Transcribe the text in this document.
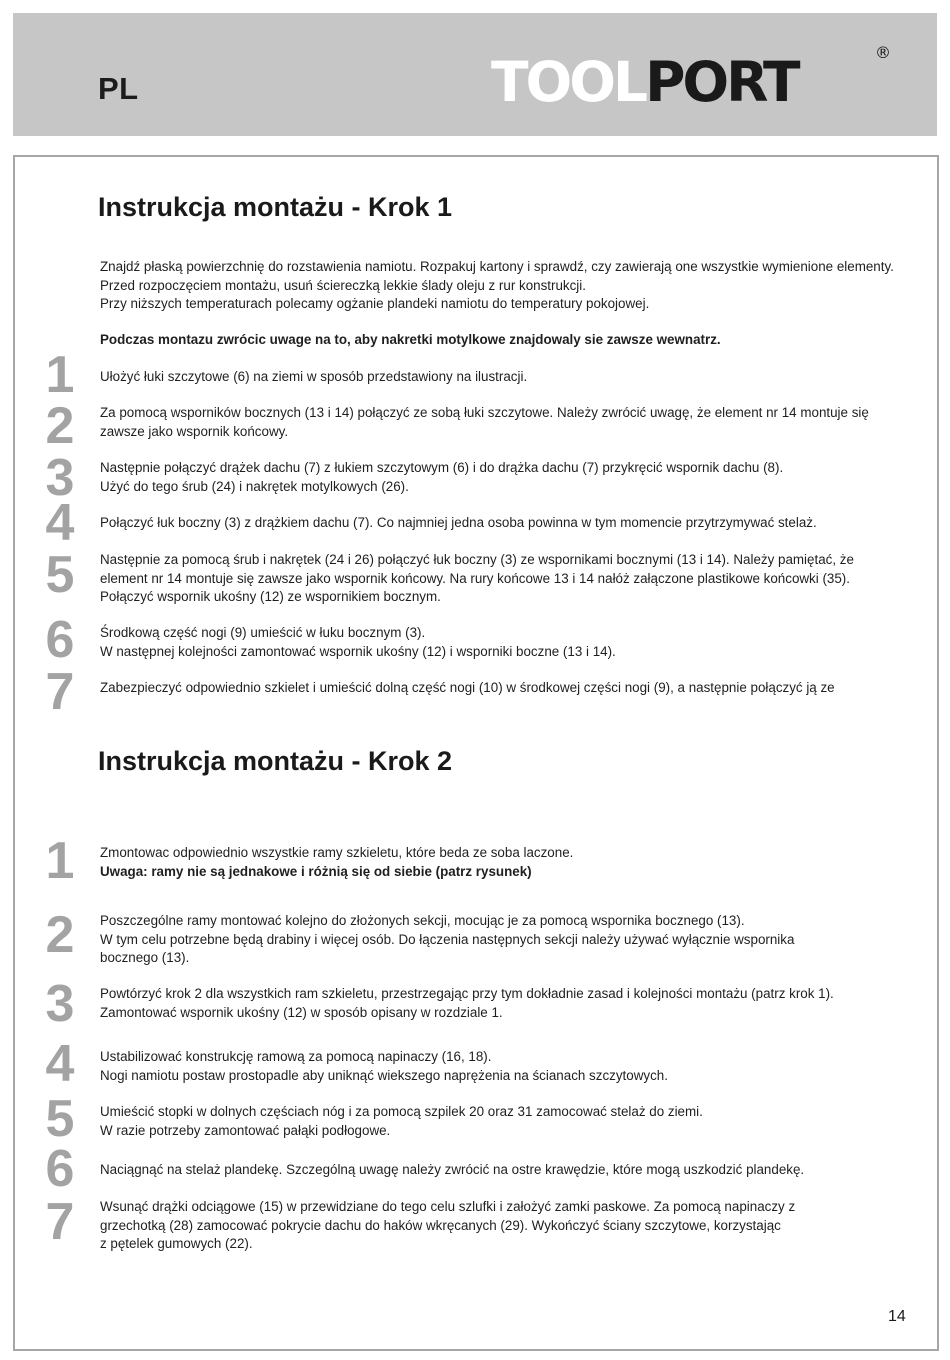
PL	TOOLPORT	®
Instrukcja montażu - Krok 1
Znajdź płaską powierzchnię do rozstawienia namiotu. Rozpakuj kartony i sprawdź, czy zawierają one wszystkie wymienione elementy.
Przed rozpoczęciem montażu, usuń ściereczką lekkie ślady oleju z rur konstrukcji.
Przy niższych temperaturach polecamy ogżanie plandeki namiotu do temperatury pokojowej.
Podczas montazu zwrócic uwage na to, aby nakretki motylkowe znajdowaly sie zawsze wewnatrz.
1
2
3
4
5
6
7
Ułożyć łuki szczytowe (6) na ziemi w sposób przedstawiony na ilustracji.
Za pomocą wsporników bocznych (13 i 14) połączyć ze sobą łuki szczytowe. Należy zwrócić uwagę, że element nr 14 montuje się
zawsze jako wspornik końcowy.
Następnie połączyć drążek dachu (7) z łukiem szczytowym (6) i do drążka dachu (7) przykręcić wspornik dachu (8).
Użyć do tego śrub (24) i nakrętek motylkowych (26).
Połączyć łuk boczny (3) z drążkiem dachu (7). Co najmniej jedna osoba powinna w tym momencie przytrzymywać stelaż.
Następnie za pomocą śrub i nakrętek (24 i 26) połączyć łuk boczny (3) ze wspornikami bocznymi (13 i 14). Należy pamiętać, że
element nr 14 montuje się zawsze jako wspornik końcowy. Na rury końcowe 13 i 14 nałóż załączone plastikowe końcowki (35).
Połączyć wspornik ukośny (12) ze wspornikiem bocznym.
Środkową część nogi (9) umieścić w łuku bocznym (3).
W następnej kolejności zamontować wspornik ukośny (12) i wsporniki boczne (13 i 14).
Zabezpieczyć odpowiednio szkielet i umieścić dolną część nogi (10) w środkowej części nogi (9), a następnie połączyć ją ze
Instrukcja montażu - Krok 2
1
2
3
4
5
6
7
Zmontowac odpowiednio wszystkie ramy szkieletu, które beda ze soba laczone.
Uwaga: ramy nie są jednakowe i różnią się od siebie (patrz rysunek)
Poszczególne ramy montować kolejno do złożonych sekcji, mocując je za pomocą wspornika bocznego (13).
W tym celu potrzebne będą drabiny i więcej osób. Do łączenia następnych sekcji należy używać wyłącznie wspornika
bocznego (13).
Powtórzyć krok 2 dla wszystkich ram szkieletu, przestrzegając przy tym dokładnie zasad i kolejności montażu (patrz krok 1).
Zamontować wspornik ukośny (12) w sposób opisany w rozdziale 1.
Ustabilizować konstrukcję ramową za pomocą napinaczy (16, 18).
Nogi namiotu postaw prostopadle aby uniknąć wiekszego naprężenia na ścianach szczytowych.
Umieścić stopki w dolnych częściach nóg i za pomocą szpilek 20 oraz 31 zamocować stelaż do ziemi.
W razie potrzeby zamontować pałąki podłogowe.
Naciągnąć na stelaż plandekę. Szczególną uwagę należy zwrócić na ostre krawędzie, które mogą uszkodzić plandekę.
Wsunąć drążki odciągowe (15) w przewidziane do tego celu szlufki i założyć zamki paskowe. Za pomocą napinaczy z
grzechotką (28) zamocować pokrycie dachu do haków wkręcanych (29). Wykończyć ściany szczytowe, korzystając
z pętelek gumowych (22).
14
